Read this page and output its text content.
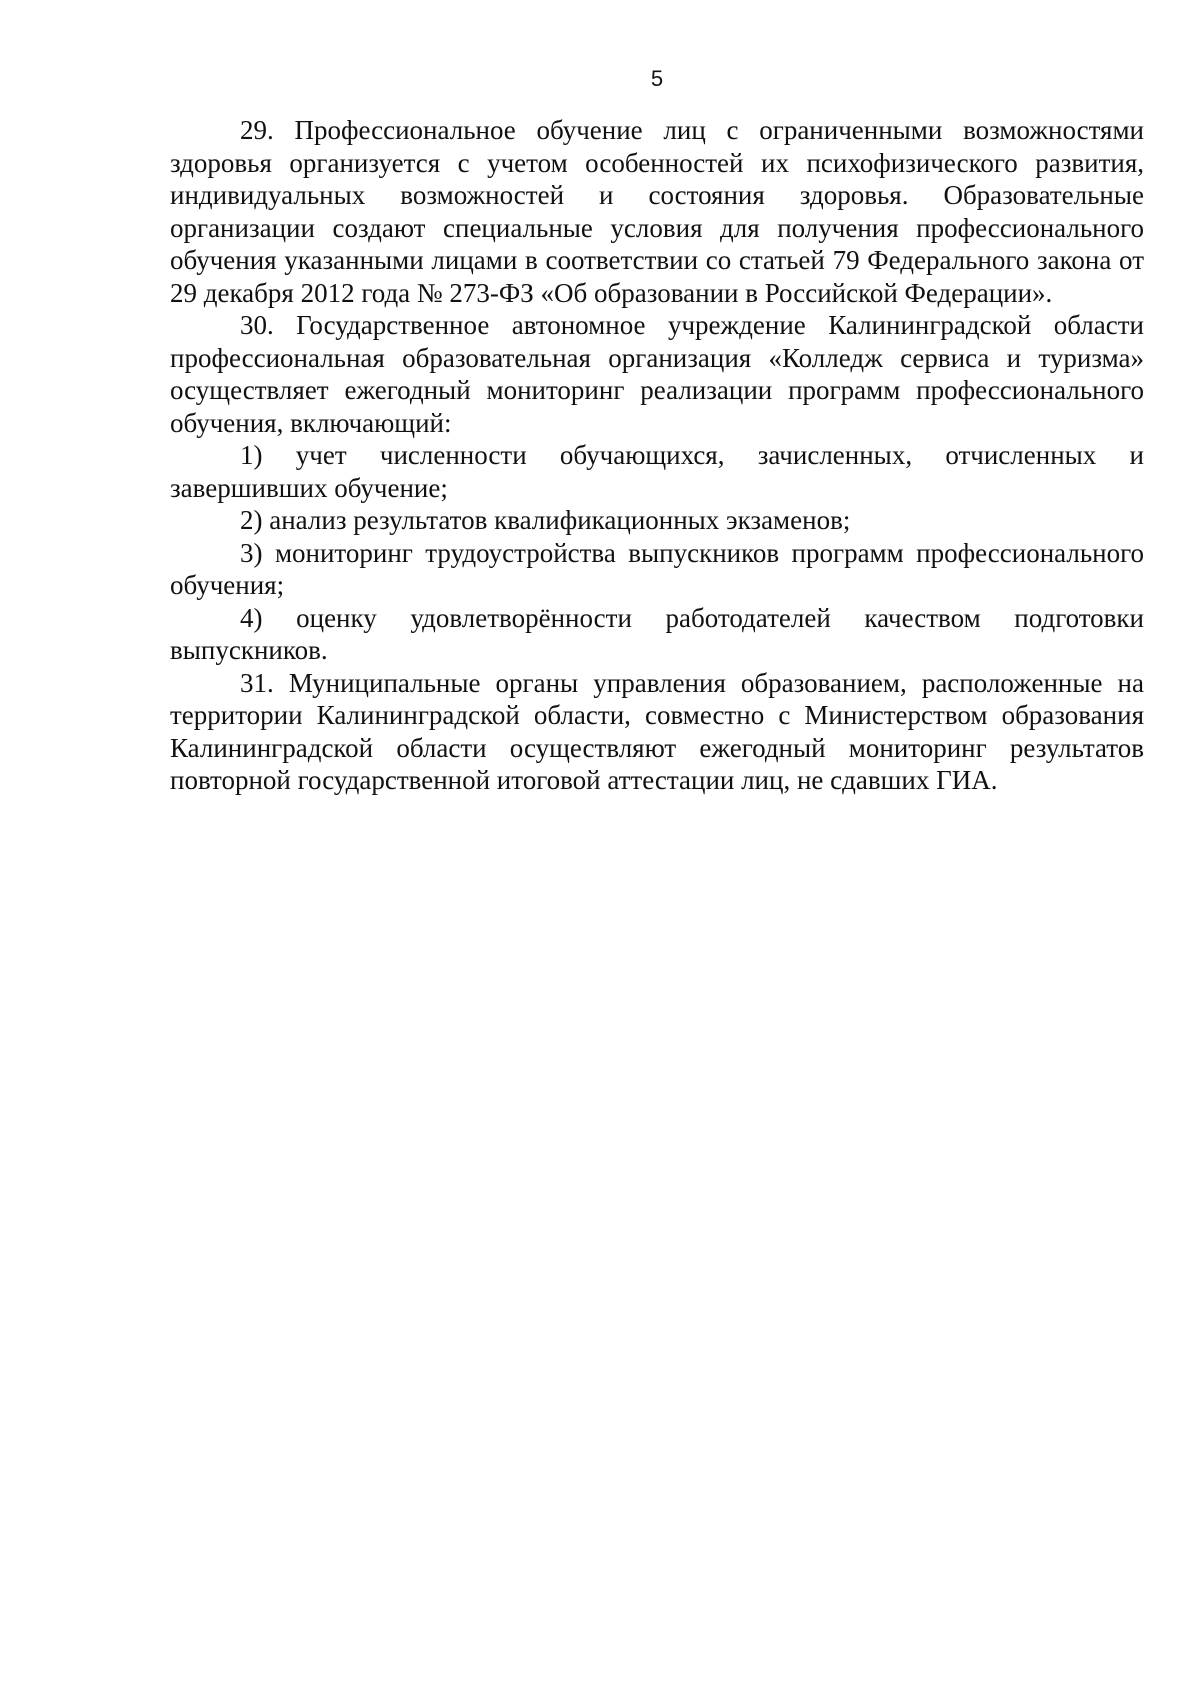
5

29. Профессиональное обучение лиц с ограниченными возможностями здоровья организуется с учетом особенностей их психофизического развития, индивидуальных возможностей и состояния здоровья. Образовательные организации создают специальные условия для получения профессионального обучения указанными лицами в соответствии со статьей 79 Федерального закона от 29 декабря 2012 года № 273-ФЗ «Об образовании в Российской Федерации».

30. Государственное автономное учреждение Калининградской области профессиональная образовательная организация «Колледж сервиса и туризма» осуществляет ежегодный мониторинг реализации программ профессионального обучения, включающий:

1) учет численности обучающихся, зачисленных, отчисленных и завершивших обучение;

2) анализ результатов квалификационных экзаменов;

3) мониторинг трудоустройства выпускников программ профессионального обучения;

4) оценку удовлетворённости работодателей качеством подготовки выпускников.

31. Муниципальные органы управления образованием, расположенные на территории Калининградской области, совместно с Министерством образования Калининградской области осуществляют ежегодный мониторинг результатов повторной государственной итоговой аттестации лиц, не сдавших ГИА.
